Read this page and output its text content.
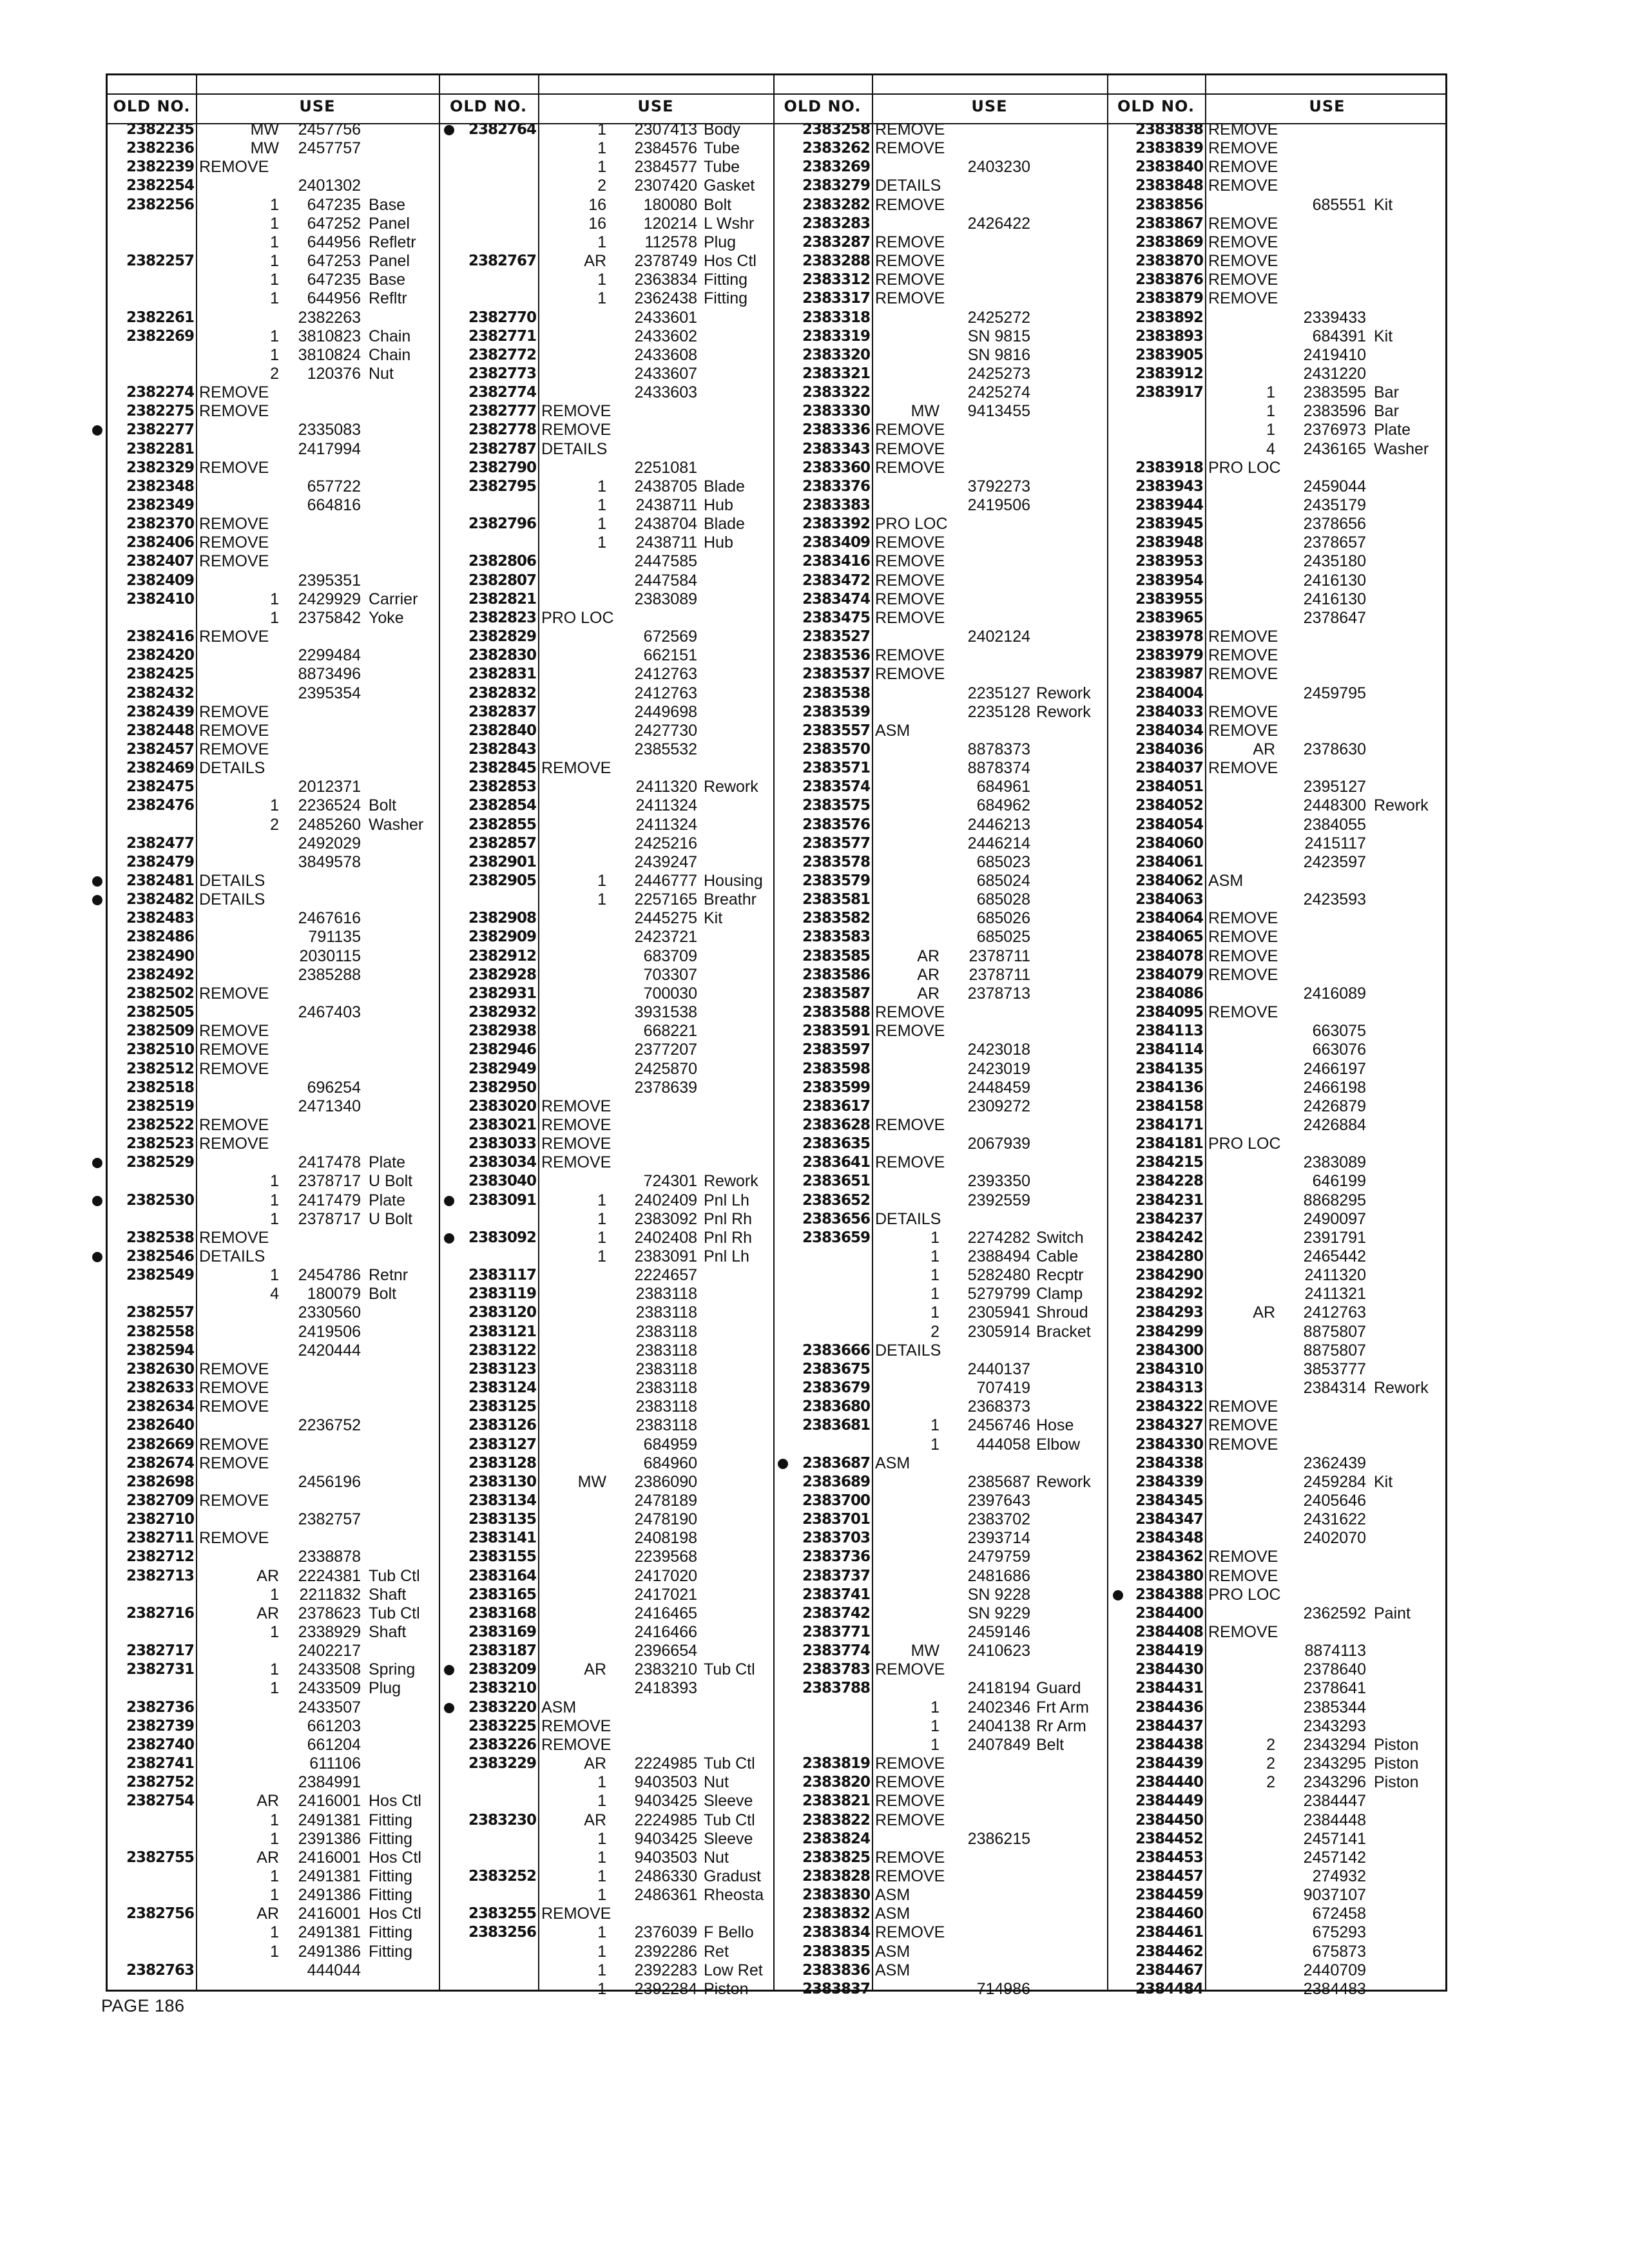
OLD NO.	USE	OLD NO.	USE	OLD NO.	USE	OLD NO.	USE
2382235	MW	2457756
2382236	MW	2457757
2382239 REMOVE
2382254	2401302
2382256	1	647235 Base
1	647252 Panel
1	644956 Refletr
2382257	1	647253 Panel
1	647235 Base
1	644956 Refltr
2382261	2382263
2382269	1	3810823 Chain
1	3810824 Chain
2	120376 Nut
2382274 REMOVE
2382275 REMOVE
2382277	2335083
2382281	2417994
2382329 REMOVE
2382348	657722
2382349	664816
2382370 REMOVE
2382406 REMOVE
2382407 REMOVE
2382409	2395351
2382410	1	2429929 Carrier
1	2375842 Yoke
2382416 REMOVE
2382420	2299484
2382425	8873496
2382432	2395354
2382439 REMOVE
2382448 REMOVE
2382457 REMOVE
2382469 DETAILS
2382475	2012371
2382476	1	2236524 Bolt
2	2485260 Washer
2382477	2492029
2382479	3849578
2382481 DETAILS
2382482 DETAILS
2382483	2467616
2382486	791135
2382490	2030115
2382492	2385288
2382502 REMOVE
2382505	2467403
2382509 REMOVE
2382510 REMOVE
2382512 REMOVE
2382518	696254
2382519	2471340
2382522 REMOVE
2382523 REMOVE
2382529	2417478 Plate
1	2378717 U Bolt
2382530	1	2417479 Plate
1	2378717 U Bolt
2382538 REMOVE
2382546 DETAILS
2382549	1	2454786 Retnr
4	180079 Bolt
2382557	2330560
2382558	2419506
2382594	2420444
2382630 REMOVE
2382633 REMOVE
2382634 REMOVE
2382640	2236752
2382669 REMOVE
2382674 REMOVE
2382698	2456196
2382709 REMOVE
2382710	2382757
2382711 REMOVE
2382712	2338878
2382713	AR	2224381 Tub Ctl
1	2211832 Shaft
2382716	AR	2378623 Tub Ctl
1	2338929 Shaft
2382717	2402217
2382731	1	2433508 Spring
1	2433509 Plug
2382736	2433507
2382739	661203
2382740	661204
2382741	611106
2382752	2384991
2382754	AR	2416001 Hos Ctl
1	2491381 Fitting
1	2391386 Fitting
2382755	AR	2416001 Hos Ctl
1	2491381 Fitting
1	2491386 Fitting
2382756	AR	2416001 Hos Ctl
1	2491381 Fitting
1	2491386 Fitting
2382763	444044
2382764	1	2307413 Body
1	2384576 Tube
1	2384577 Tube
2	2307420 Gasket
16	180080 Bolt
16	120214 L Wshr
1	112578 Plug
2382767	AR	2378749 Hos Ctl
1	2363834 Fitting
1	2362438 Fitting
2382770	2433601
2382771	2433602
2382772	2433608
2382773	2433607
2382774	2433603
2382777 REMOVE
2382778 REMOVE
2382787 DETAILS
2382790	2251081
2382795	1	2438705 Blade
1	2438711 Hub
2382796	1	2438704 Blade
1	2438711 Hub
2382806	2447585
2382807	2447584
2382821	2383089
2382823 PRO LOC
2382829	672569
2382830	662151
2382831	2412763
2382832	2412763
2382837	2449698
2382840	2427730
2382843	2385532
2382845 REMOVE
2382853	2411320 Rework
2382854	2411324
2382855	2411324
2382857	2425216
2382901	2439247
2382905	1	2446777 Housing
1	2257165 Breathr
2382908	2445275 Kit
2382909	2423721
2382912	683709
2382928	703307
2382931	700030
2382932	3931538
2382938	668221
2382946	2377207
2382949	2425870
2382950	2378639
2383020 REMOVE
2383021 REMOVE
2383033 REMOVE
2383034 REMOVE
2383040	724301 Rework
2383091	1	2402409 Pnl Lh
1	2383092 Pnl Rh
2383092	1	2402408 Pnl Rh
1	2383091 Pnl Lh
2383117	2224657
2383119	2383118
2383120	2383118
2383121	2383118
2383122	2383118
2383123	2383118
2383124	2383118
2383125	2383118
2383126	2383118
2383127	684959
2383128	684960
2383130	MW	2386090
2383134	2478189
2383135	2478190
2383141	2408198
2383155	2239568
2383164	2417020
2383165	2417021
2383168	2416465
2383169	2416466
2383187	2396654
2383209	AR	2383210 Tub Ctl
2383210	2418393
2383220 ASM
2383225 REMOVE
2383226 REMOVE
2383229	AR	2224985 Tub Ctl
1	9403503 Nut
1	9403425 Sleeve
2383230	AR	2224985 Tub Ctl
1	9403425 Sleeve
1	9403503 Nut
2383252	1	2486330 Gradust
1	2486361 Rheosta
2383255 REMOVE
2383256	1	2376039 F Bello
1	2392286 Ret
1	2392283 Low Ret
1	2392284 Piston
2383258 REMOVE
2383262 REMOVE
2383269	2403230
2383279 DETAILS
2383282 REMOVE
2383283	2426422
2383287 REMOVE
2383288 REMOVE
2383312 REMOVE
2383317 REMOVE
2383318	2425272
2383319	SN 9815
2383320	SN 9816
2383321	2425273
2383322	2425274
2383330	MW	9413455
2383336 REMOVE
2383343 REMOVE
2383360 REMOVE
2383376	3792273
2383383	2419506
2383392 PRO LOC
2383409 REMOVE
2383416 REMOVE
2383472 REMOVE
2383474 REMOVE
2383475 REMOVE
2383527	2402124
2383536 REMOVE
2383537 REMOVE
2383538	2235127 Rework
2383539	2235128 Rework
2383557 ASM
2383570	8878373
2383571	8878374
2383574	684961
2383575	684962
2383576	2446213
2383577	2446214
2383578	685023
2383579	685024
2383581	685028
2383582	685026
2383583	685025
2383585	AR	2378711
2383586	AR	2378711
2383587	AR	2378713
2383588 REMOVE
2383591 REMOVE
2383597	2423018
2383598	2423019
2383599	2448459
2383617	2309272
2383628 REMOVE
2383635	2067939
2383641 REMOVE
2383651	2393350
2383652	2392559
2383656 DETAILS
2383659	1	2274282 Switch
1	2388494 Cable
1	5282480 Recptr
1	5279799 Clamp
1	2305941 Shroud
2	2305914 Bracket
2383666 DETAILS
2383675	2440137
2383679	707419
2383680	2368373
2383681	1	2456746 Hose
1	444058 Elbow
2383687 ASM
2383689	2385687 Rework
2383700	2397643
2383701	2383702
2383703	2393714
2383736	2479759
2383737	2481686
2383741	SN 9228
2383742	SN 9229
2383771	2459146
2383774	MW	2410623
2383783 REMOVE
2383788	2418194 Guard
1	2402346 Frt Arm
1	2404138 Rr Arm
1	2407849 Belt
2383819 REMOVE
2383820 REMOVE
2383821 REMOVE
2383822 REMOVE
2383824	2386215
2383825 REMOVE
2383828 REMOVE
2383830 ASM
2383832 ASM
2383834 REMOVE
2383835 ASM
2383836 ASM
2383837	714986
2383838 REMOVE
2383839 REMOVE
2383840 REMOVE
2383848 REMOVE
2383856	685551 Kit
2383867 REMOVE
2383869 REMOVE
2383870 REMOVE
2383876 REMOVE
2383879 REMOVE
2383892	2339433
2383893	684391 Kit
2383905	2419410
2383912	2431220
2383917	1	2383595 Bar
1	2383596 Bar
1	2376973 Plate
4	2436165 Washer
2383918 PRO LOC
2383943	2459044
2383944	2435179
2383945	2378656
2383948	2378657
2383953	2435180
2383954	2416130
2383955	2416130
2383965	2378647
2383978 REMOVE
2383979 REMOVE
2383987 REMOVE
2384004	2459795
2384033 REMOVE
2384034 REMOVE
2384036	AR	2378630
2384037 REMOVE
2384051	2395127
2384052	2448300 Rework
2384054	2384055
2384060	2415117
2384061	2423597
2384062 ASM
2384063	2423593
2384064 REMOVE
2384065 REMOVE
2384078 REMOVE
2384079 REMOVE
2384086	2416089
2384095 REMOVE
2384113	663075
2384114	663076
2384135	2466197
2384136	2466198
2384158	2426879
2384171	2426884
2384181 PRO LOC
2384215	2383089
2384228	646199
2384231	8868295
2384237	2490097
2384242	2391791
2384280	2465442
2384290	2411320
2384292	2411321
2384293	AR	2412763
2384299	8875807
2384300	8875807
2384310	3853777
2384313	2384314 Rework
2384322 REMOVE
2384327 REMOVE
2384330 REMOVE
2384338	2362439
2384339	2459284 Kit
2384345	2405646
2384347	2431622
2384348	2402070
2384362 REMOVE
2384380 REMOVE
2384388 PRO LOC
2384400	2362592 Paint
2384408 REMOVE
2384419	8874113
2384430	2378640
2384431	2378641
2384436	2385344
2384437	2343293
2384438	2	2343294 Piston
2384439	2	2343295 Piston
2384440	2	2343296 Piston
2384449	2384447
2384450	2384448
2384452	2457141
2384453	2457142
2384457	274932
2384459	9037107
2384460	672458
2384461	675293
2384462	675873
2384467	2440709
2384484	2384483
PAGE 186
